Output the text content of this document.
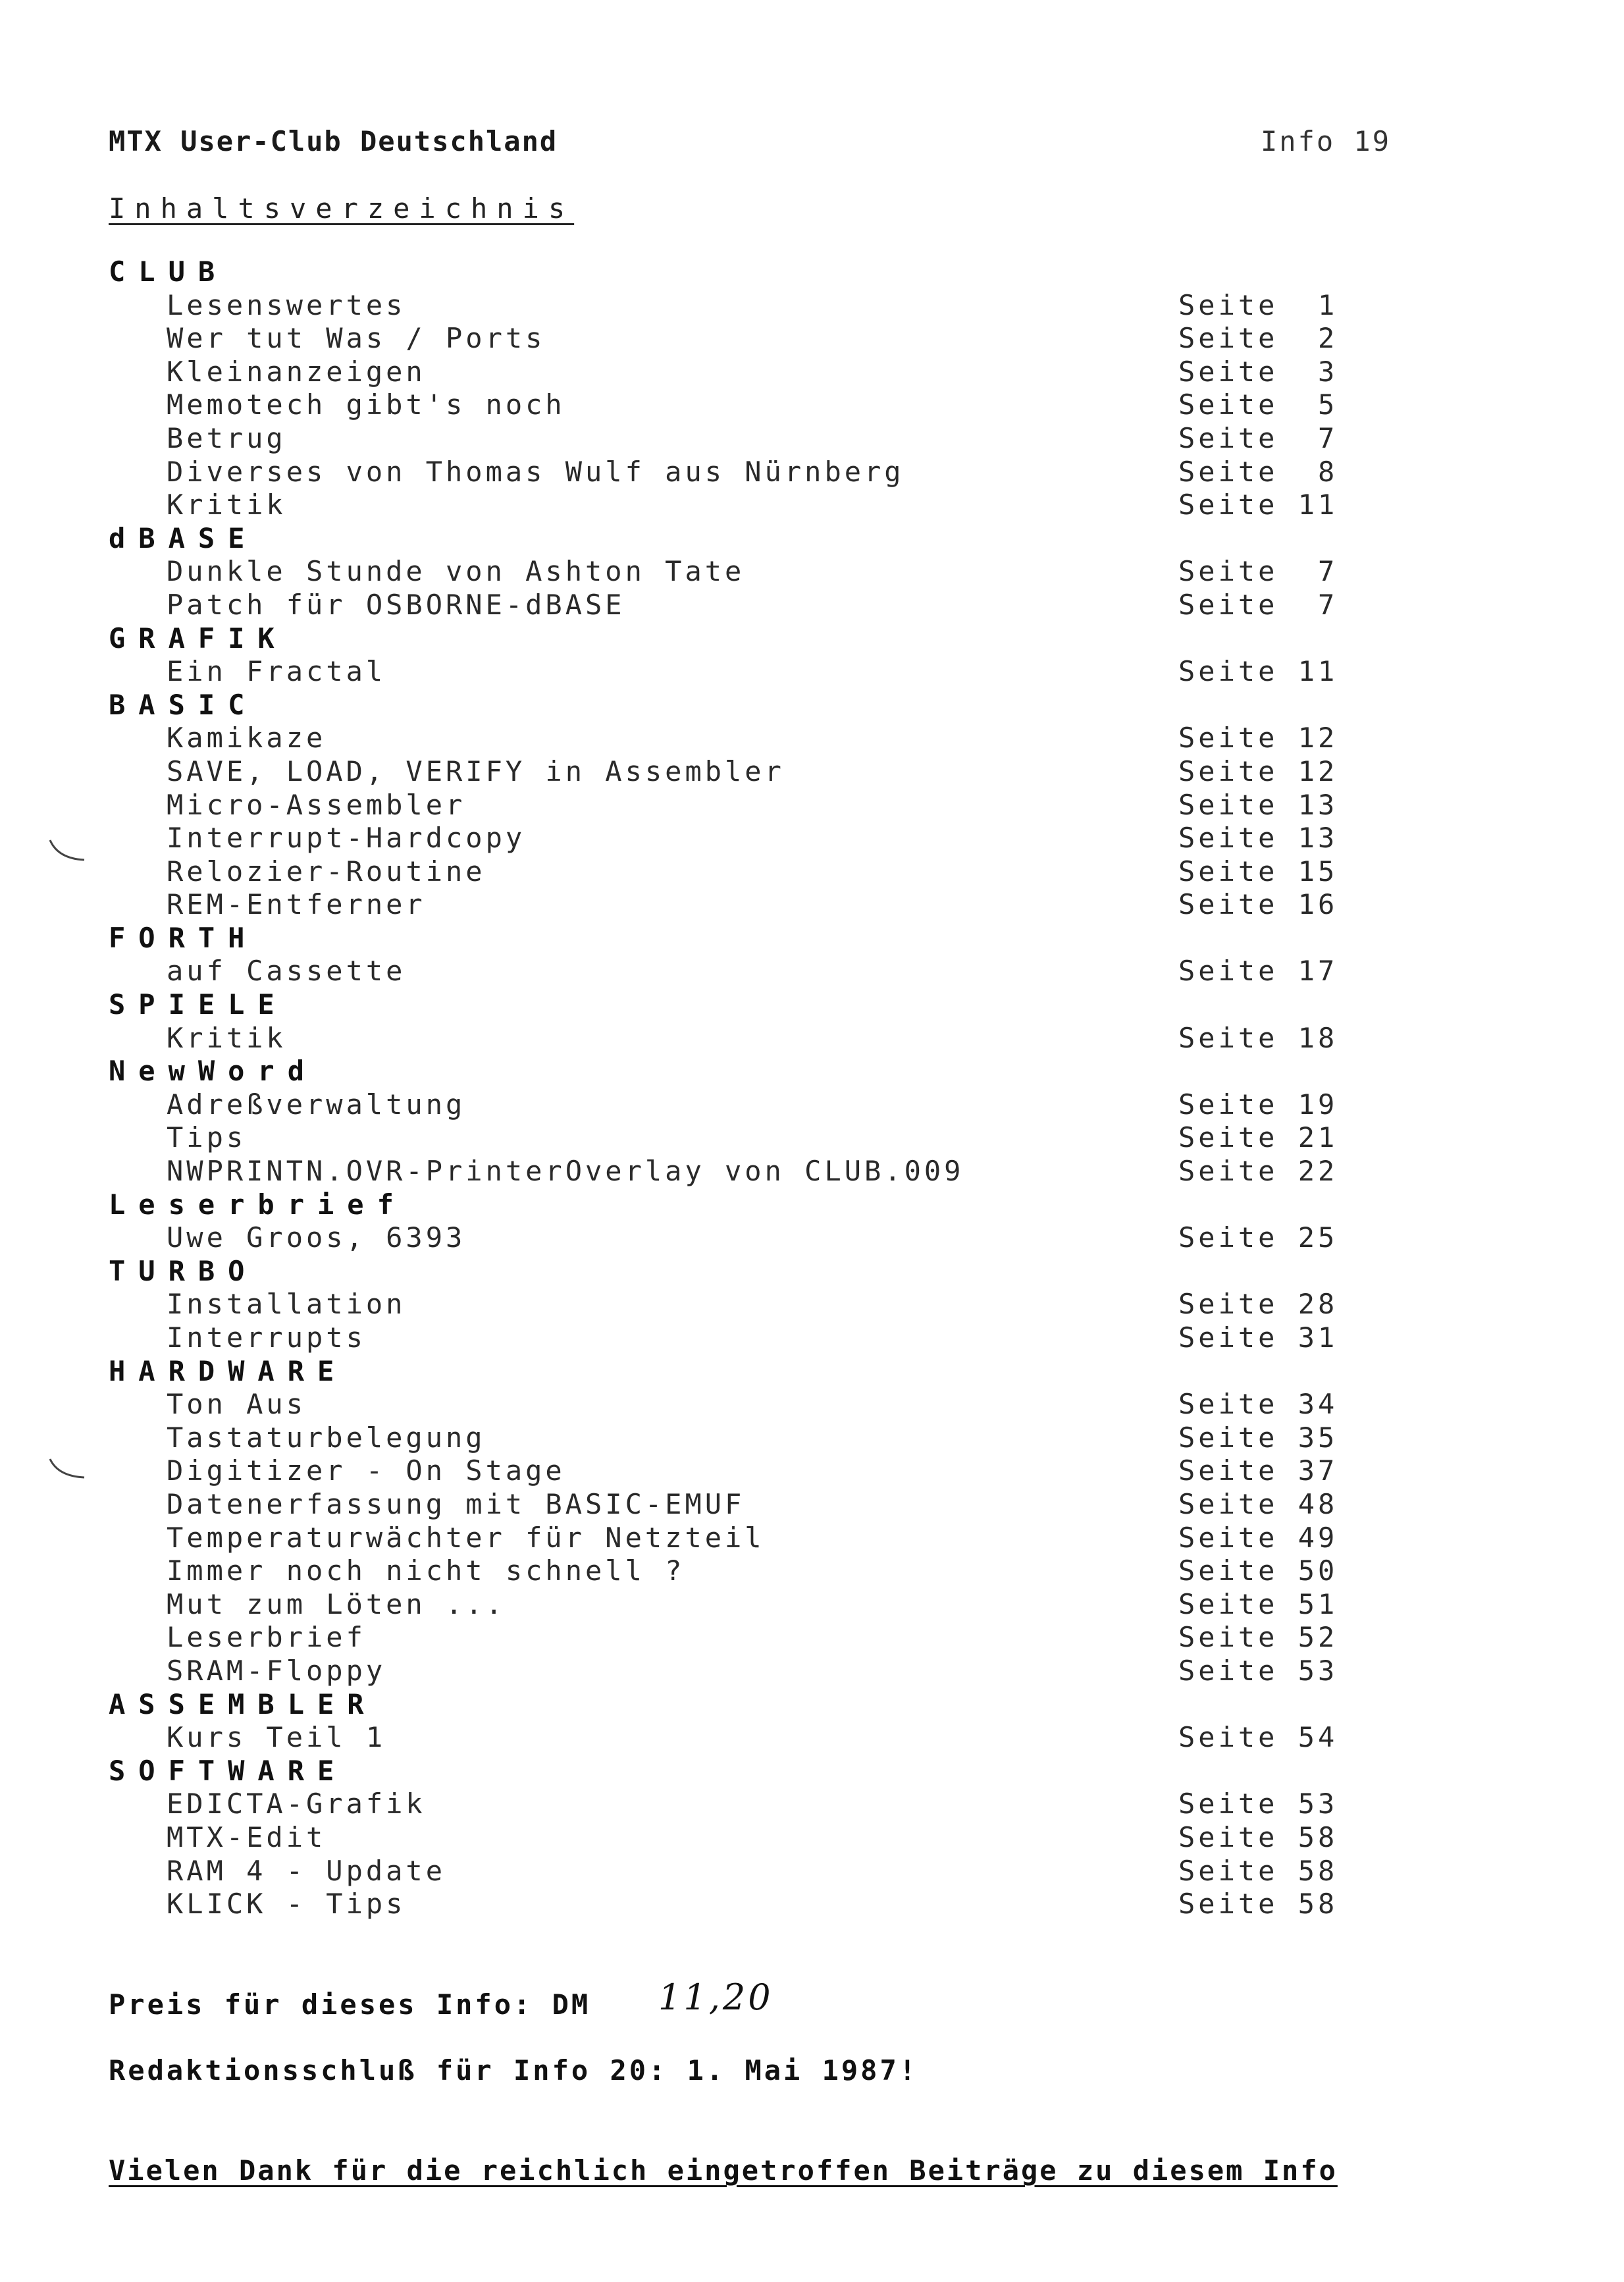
MTX User-Club Deutschland	Info 19
Inhaltsverzeichnis
CLUB
Lesenswertes	Seite  1
Wer tut Was / Ports	Seite  2
Kleinanzeigen	Seite  3
Memotech gibt's noch	Seite  5
Betrug	Seite  7
Diverses von Thomas Wulf aus Nürnberg	Seite  8
Kritik	Seite 11
dBASE
Dunkle Stunde von Ashton Tate	Seite  7
Patch für OSBORNE-dBASE	Seite  7
GRAFIK
Ein Fractal	Seite 11
BASIC
Kamikaze	Seite 12
SAVE, LOAD, VERIFY in Assembler	Seite 12
Micro-Assembler	Seite 13
Interrupt-Hardcopy	Seite 13
Relozier-Routine	Seite 15
REM-Entferner	Seite 16
FORTH
auf Cassette	Seite 17
SPIELE
Kritik	Seite 18
NewWord
Adreßverwaltung	Seite 19
Tips	Seite 21
NWPRINTN.OVR-PrinterOverlay von CLUB.009	Seite 22
Leserbrief
Uwe Groos, 6393	Seite 25
TURBO
Installation	Seite 28
Interrupts	Seite 31
HARDWARE
Ton Aus	Seite 34
Tastaturbelegung	Seite 35
Digitizer - On Stage	Seite 37
Datenerfassung mit BASIC-EMUF	Seite 48
Temperaturwächter für Netzteil	Seite 49
Immer noch nicht schnell ?	Seite 50
Mut zum Löten ...	Seite 51
Leserbrief	Seite 52
SRAM-Floppy	Seite 53
ASSEMBLER
Kurs Teil 1	Seite 54
SOFTWARE
EDICTA-Grafik	Seite 53
MTX-Edit	Seite 58
RAM 4 - Update	Seite 58
KLICK - Tips	Seite 58
Preis für dieses Info: DM 11,20
Redaktionsschluß für Info 20: 1. Mai 1987!
Vielen Dank für die reichlich eingetroffen Beiträge zu diesem Info
